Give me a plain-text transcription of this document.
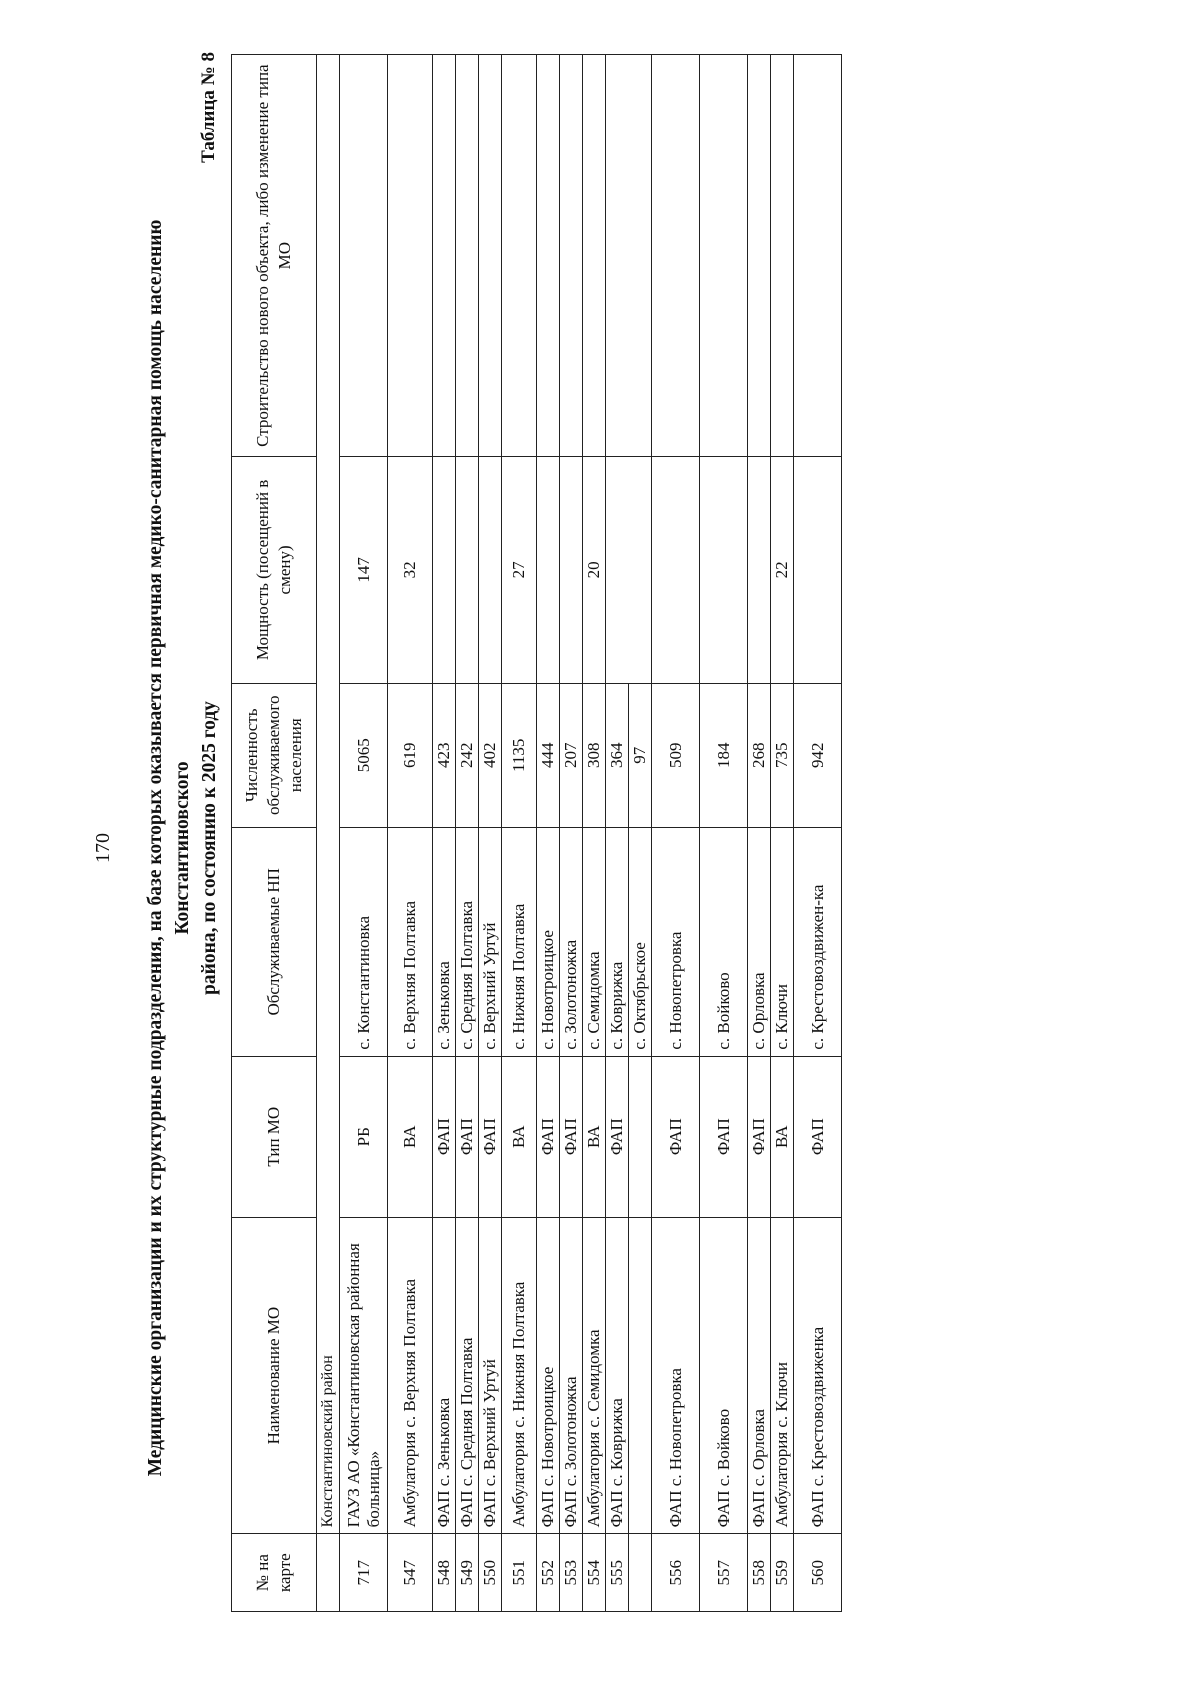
170 Медицинские организации и их структурные подразделения, на базе которых оказывается первичная медико-санитарная помощь населению Константиновского района, по состоянию к 2025 году
Таблица № 8
№ на карте	Наименование МО	Тип МО	Обслуживаемые НП	Численность обслуживаемого населения	Мощность (посещений в смену)	Строительство нового объекта, либо изменение типа МО
	Константиновский район					
717	ГАУЗ АО «Константиновская районная больница»	РБ	с. Константиновка	5065	147	
547	Амбулатория с. Верхняя Полтавка	ВА	с. Верхняя Полтавка	619	32	
548	ФАП с. Зеньковка	ФАП	с. Зеньковка	423		
549	ФАП с. Средняя Полтавка	ФАП	с. Средняя Полтавка	242		
550	ФАП с. Верхний Уртуй	ФАП	с. Верхний Уртуй	402		
551	Амбулатория с. Нижняя Полтавка	ВА	с. Нижняя Полтавка	1135	27	
552	ФАП с. Новотроицкое	ФАП	с. Новотроицкое	444		
553	ФАП с. Золотоножка	ФАП	с. Золотоножка	207		
554	Амбулатория с. Семидомка	ВА	с. Семидомка	308	20	
555	ФАП с. Коврижка	ФАП	с. Коврижка	364		
			с. Октябрьское	97		
556	ФАП с. Новопетровка	ФАП	с. Новопетровка	509		
557	ФАП с. Войково	ФАП	с. Войково	184		
558	ФАП с. Орловка	ФАП	с. Орловка	268		
559	Амбулатория с. Ключи	ВА	с. Ключи	735	22	
560	ФАП с. Крестовоздвиженка	ФАП	с. Крестовоздвижен-ка	942		
